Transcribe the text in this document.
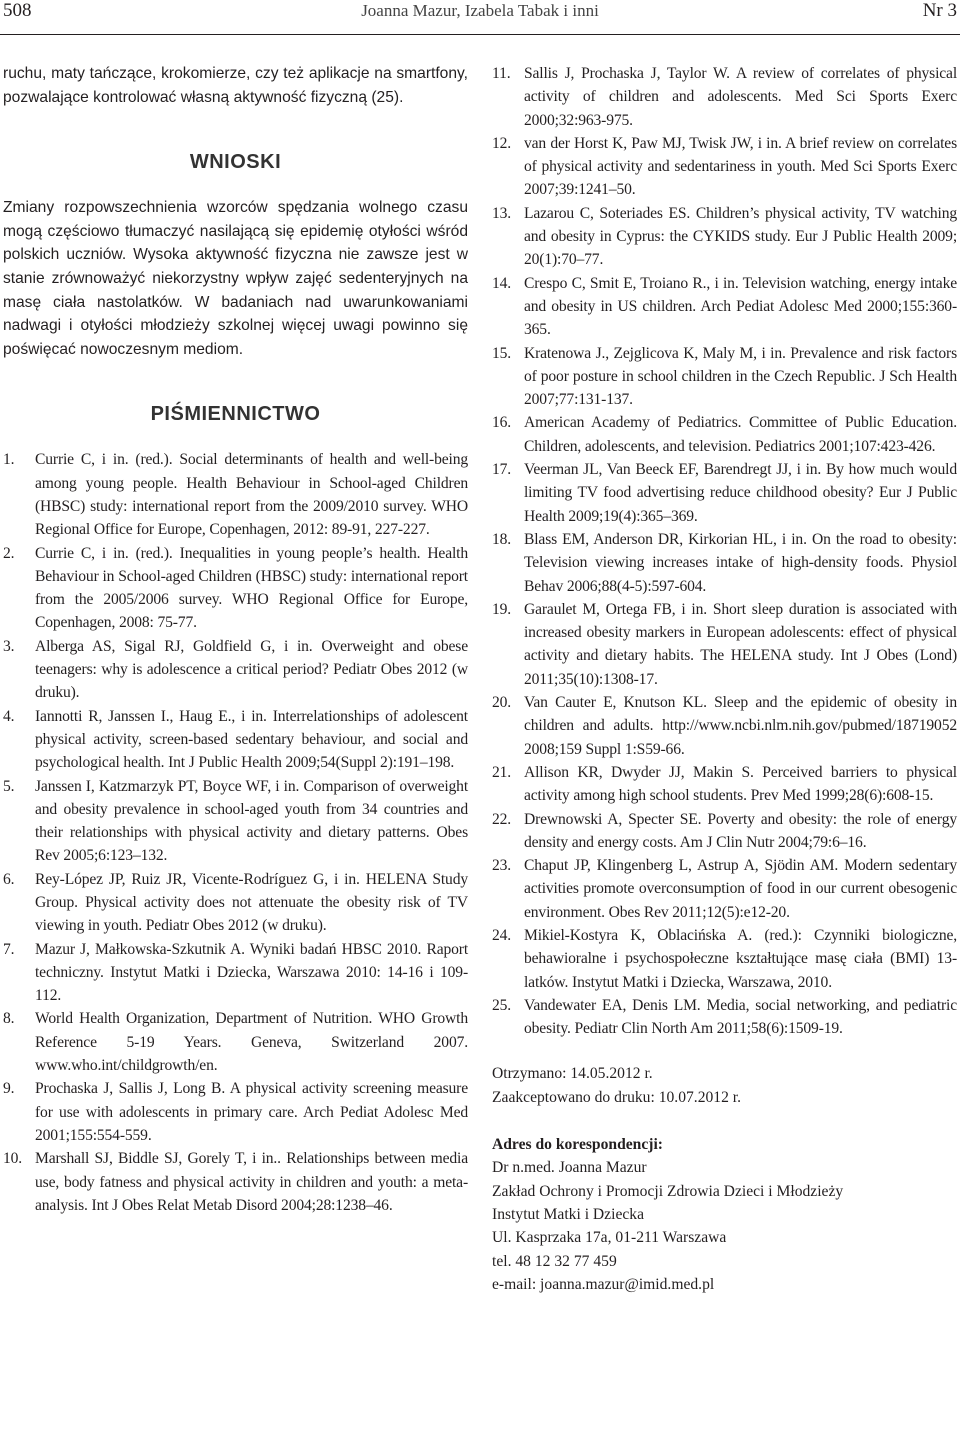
508	Joanna Mazur, Izabela Tabak i inni	Nr 3

ruchu, maty tańczące, krokomierze, czy też aplikacje na smartfony, pozwalające kontrolować własną aktywność fizyczną (25).

WNIOSKI

Zmiany rozpowszechnienia wzorców spędzania wolnego czasu mogą częściowo tłumaczyć nasilającą się epidemię otyłości wśród polskich uczniów. Wysoka aktywność fizyczna nie zawsze jest w stanie zrównoważyć niekorzystny wpływ zajęć sedenteryjnych na masę ciała nastolatków. W badaniach nad uwarunkowaniami nadwagi i otyłości młodzieży szkolnej więcej uwagi powinno się poświęcać nowoczesnym mediom.

PIŚMIENNICTWO
1.	Currie C, i in. (red.). Social determinants of health and well-being among young people. Health Behaviour in School-aged Children (HBSC) study: international report from the 2009/2010 survey. WHO Regional Office for Europe, Copenhagen, 2012: 89-91, 227-227.
2.	Currie C, i in. (red.). Inequalities in young people’s health. Health Behaviour in School-aged Children (HBSC) study: international report from the 2005/2006 survey. WHO Regional Office for Europe, Copenhagen, 2008: 75-77.
3.	Alberga AS, Sigal RJ, Goldfield G, i in. Overweight and obese teenagers: why is adolescence a critical period? Pediatr Obes 2012 (w druku).
4.	Iannotti R, Janssen I., Haug E., i in. Interrelationships of adolescent physical activity, screen-based sedentary behaviour, and social and psychological health. Int J Public Health 2009;54(Suppl 2):191–198.
5.	Janssen I, Katzmarzyk PT, Boyce WF, i in. Comparison of overweight and obesity prevalence in school-aged youth from 34 countries and their relationships with physical activity and dietary patterns. Obes Rev 2005;6:123–132.
6.	Rey-López JP, Ruiz JR, Vicente-Rodríguez G, i in. HELENA Study Group. Physical activity does not attenuate the obesity risk of TV viewing in youth. Pediatr Obes 2012 (w druku).
7.	Mazur J, Małkowska-Szkutnik A. Wyniki badań HBSC 2010. Raport techniczny. Instytut Matki i Dziecka, Warszawa 2010: 14-16 i 109-112.
8.	World Health Organization, Department of Nutrition. WHO Growth Reference 5-19 Years. Geneva, Switzerland 2007. www.who.int/childgrowth/en.
9.	Prochaska J, Sallis J, Long B. A physical activity screening measure for use with adolescents in primary care. Arch Pediat Adolesc Med 2001;155:554-559.
10. Marshall SJ, Biddle SJ, Gorely T, i in.. Relationships between media use, body fatness and physical activity in children and youth: a meta-analysis. Int J Obes Relat Metab Disord 2004;28:1238–46.
11. Sallis J, Prochaska J, Taylor W. A review of correlates of physical activity of children and adolescents. Med Sci Sports Exerc 2000;32:963-975.
12. van der Horst K, Paw MJ, Twisk JW, i in. A brief review on correlates of physical activity and sedentariness in youth. Med Sci Sports Exerc 2007;39:1241–50.
13. Lazarou C, Soteriades ES. Children’s physical activity, TV watching and obesity in Cyprus: the CYKIDS study. Eur J Public Health 2009; 20(1):70–77.
14. Crespo C, Smit E, Troiano R., i in. Television watching, energy intake and obesity in US children. Arch Pediat Adolesc Med 2000;155:360-365.
15. Kratenowa J., Zejglicova K, Maly M, i in. Prevalence and risk factors of poor posture in school children in the Czech Republic. J Sch Health 2007;77:131-137.
16. American Academy of Pediatrics. Committee of Public Education. Children, adolescents, and television. Pediatrics 2001;107:423-426.
17. Veerman JL, Van Beeck EF, Barendregt JJ, i in. By how much would limiting TV food advertising reduce childhood obesity? Eur J Public Health 2009;19(4):365–369.
18. Blass EM, Anderson DR, Kirkorian HL, i in. On the road to obesity: Television viewing increases intake of high-density foods. Physiol Behav 2006;88(4-5):597-604.
19. Garaulet M, Ortega FB, i in. Short sleep duration is associated with increased obesity markers in European adolescents: effect of physical activity and dietary habits. The HELENA study. Int J Obes (Lond) 2011;35(10):1308-17.
20. Van Cauter E, Knutson KL. Sleep and the epidemic of obesity in children and adults. http://www.ncbi.nlm.nih.gov/pubmed/18719052 2008;159 Suppl 1:S59-66.
21. Allison KR, Dwyder JJ, Makin S. Perceived barriers to physical activity among high school students. Prev Med 1999;28(6):608-15.
22. Drewnowski A, Specter SE. Poverty and obesity: the role of energy density and energy costs. Am J Clin Nutr 2004;79:6–16.
23. Chaput JP, Klingenberg L, Astrup A, Sjödin AM. Modern sedentary activities promote overconsumption of food in our current obesogenic environment. Obes Rev 2011;12(5):e12-20.
24. Mikiel-Kostyra K, Oblacińska A. (red.): Czynniki biologiczne, behawioralne i psychospołeczne kształtujące masę ciała (BMI) 13-latków. Instytut Matki i Dziecka, Warszawa, 2010.
25. Vandewater EA, Denis LM. Media, social networking, and pediatric obesity. Pediatr Clin North Am 2011;58(6):1509-19.

Otrzymano: 14.05.2012 r.

Zaakceptowano do druku: 10.07.2012 r.

Adres do korespondencji:

Dr n.med. Joanna Mazur

Zakład Ochrony i Promocji Zdrowia Dzieci i Młodzieży

Instytut Matki i Dziecka

Ul. Kasprzaka 17a, 01-211 Warszawa

tel. 48 12 32 77 459

e-mail: joanna.mazur@imid.med.pl
